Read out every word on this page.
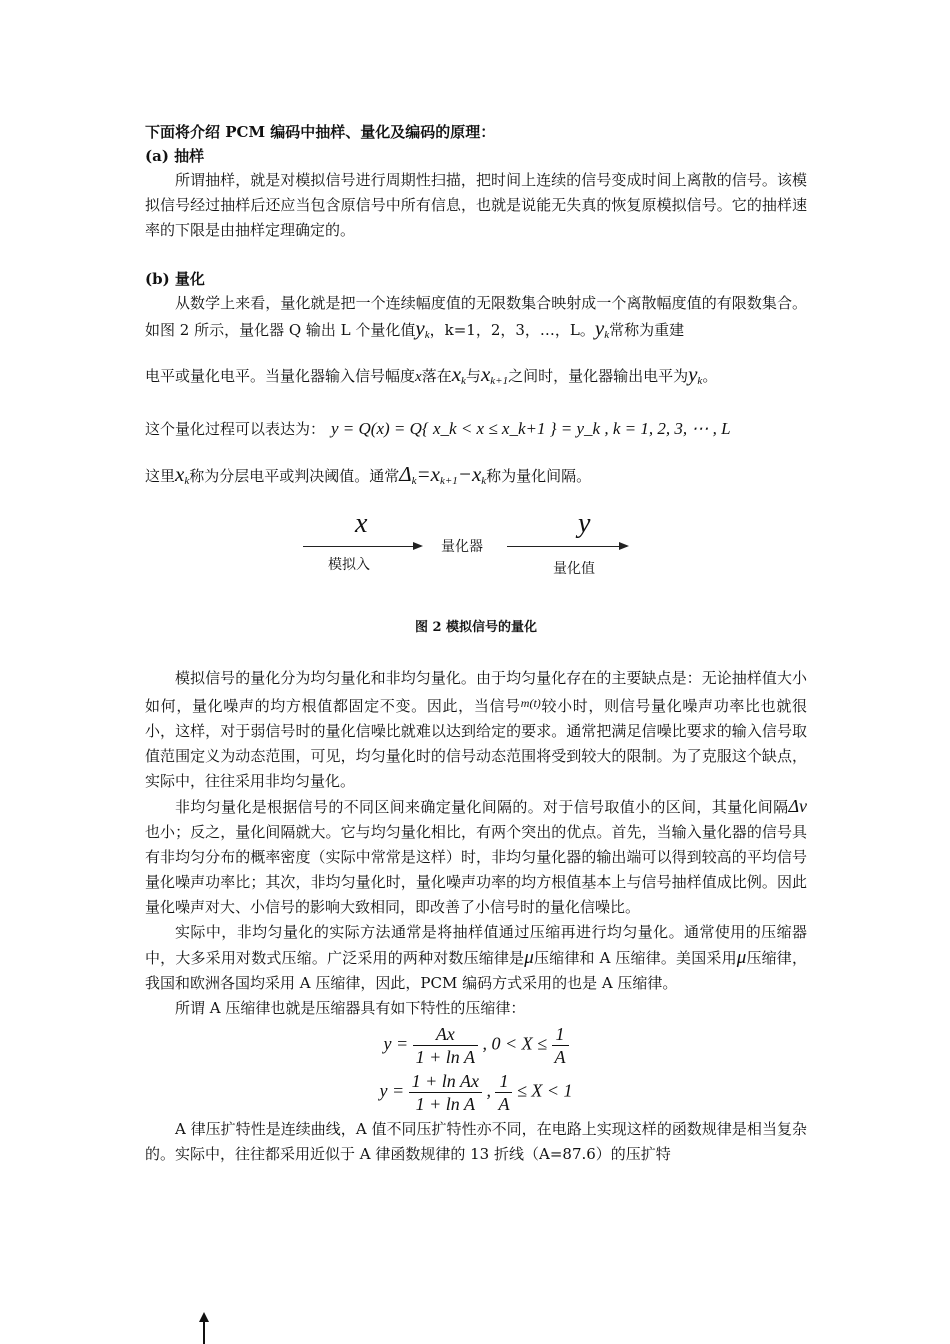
下面将介绍 PCM 编码中抽样、量化及编码的原理：

(a) 抽样

所谓抽样，就是对模拟信号进行周期性扫描，把时间上连续的信号变成时间上离散的信号。该模拟信号经过抽样后还应当包含原信号中所有信息，也就是说能无失真的恢复原模拟信号。它的抽样速率的下限是由抽样定理确定的。

(b) 量化

从数学上来看，量化就是把一个连续幅度值的无限数集合映射成一个离散幅度值的有限数集合。如图 2 所示，量化器 Q 输出 L 个量化值$y_k$，k=1，2，3，…，L。$y_k$常称为重建

电平或量化电平。当量化器输入信号幅度x落在$x_k$与$x_{k+1}$之间时，量化器输出电平为$y_k$。

这个量化过程可以表达为： y = Q(x) = Q{ x_k < x ≤ x_k+1 } = y_k , k = 1, 2, 3, ⋯ , L

这里$x_k$称为分层电平或判决阈值。通常$\Delta_k=x_{k+1}-x_k$称为量化间隔。

x
模拟入
量化器
y
量化值

图 2 模拟信号的量化

模拟信号的量化分为均匀量化和非均匀量化。由于均匀量化存在的主要缺点是：无论抽样值大小如何，量化噪声的均方根值都固定不变。因此，当信号$^{m(t)}$较小时，则信号量化噪声功率比也就很小，这样，对于弱信号时的量化信噪比就难以达到给定的要求。通常把满足信噪比要求的输入信号取值范围定义为动态范围，可见，均匀量化时的信号动态范围将受到较大的限制。为了克服这个缺点，实际中，往往采用非均匀量化。

非均匀量化是根据信号的不同区间来确定量化间隔的。对于信号取值小的区间，其量化间隔Δv也小；反之，量化间隔就大。它与均匀量化相比，有两个突出的优点。首先，当输入量化器的信号具有非均匀分布的概率密度（实际中常常是这样）时，非均匀量化器的输出端可以得到较高的平均信号量化噪声功率比；其次，非均匀量化时，量化噪声功率的均方根值基本上与信号抽样值成比例。因此量化噪声对大、小信号的影响大致相同，即改善了小信号时的量化信噪比。

实际中，非均匀量化的实际方法通常是将抽样值通过压缩再进行均匀量化。通常使用的压缩器中，大多采用对数式压缩。广泛采用的两种对数压缩律是μ压缩律和 A 压缩律。美国采用μ压缩律，我国和欧洲各国均采用 A 压缩律，因此，PCM 编码方式采用的也是 A 压缩律。

所谓 A 压缩律也就是压缩器具有如下特性的压缩律：

$y = \frac{Ax}{\text{1 + ln A}}$ , $0 < X \le \frac{1}{A}$
$y = \frac{\text{1 + ln Ax}}{\text{1 + ln A}}$ , $\frac{1}{A} \le X < 1$

A 律压扩特性是连续曲线，A 值不同压扩特性亦不同，在电路上实现这样的函数规律是相当复杂的。实际中，往往都采用近似于 A 律函数规律的 13 折线（A=87.6）的压扩特
